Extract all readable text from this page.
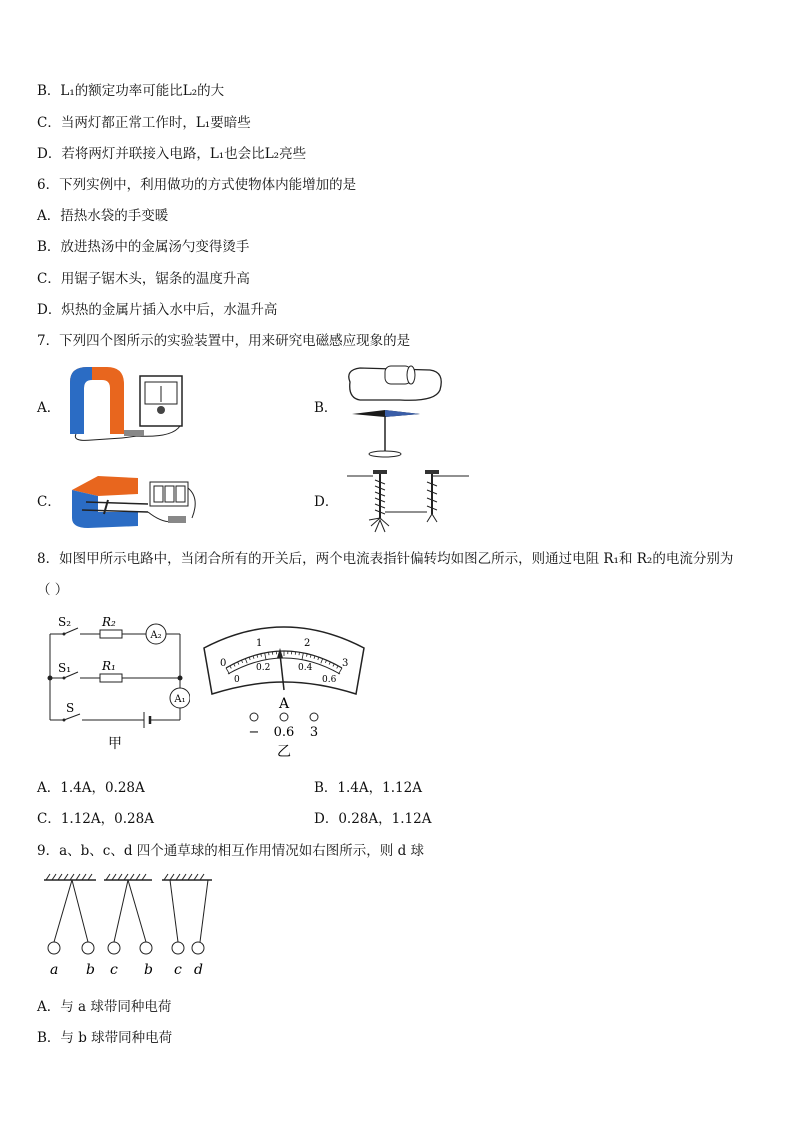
B．L₁的额定功率可能比L₂的大
C．当两灯都正常工作时，L₁要暗些
D．若将两灯并联接入电路，L₁也会比L₂亮些
6．下列实例中，利用做功的方式使物体内能增加的是
A．捂热水袋的手变暖
B．放进热汤中的金属汤勺变得烫手
C．用锯子锯木头，锯条的温度升高
D．炽热的金属片插入水中后，水温升高
7．下列四个图所示的实验装置中，用来研究电磁感应现象的是
A．	B．
C．	D．
8．如图甲所示电路中，当闭合所有的开关后，两个电流表指针偏转均如图乙所示，则通过电阻 R₁和 R₂的电流分别为
（ ）
S₂	R₂
A₂
S₁	R₁
A₁
S
甲
0
1	2
3
0
0.2	0.4
0.6
A
− 0.6 3
乙
A．1.4A，0.28A	B．1.4A，1.12A
C．1.12A，0.28A	D．0.28A，1.12A
9．a、b、c、d 四个通草球的相互作用情况如右图所示，则 d 球
a b c b c d
A．与 a 球带同种电荷
B．与 b 球带同种电荷
